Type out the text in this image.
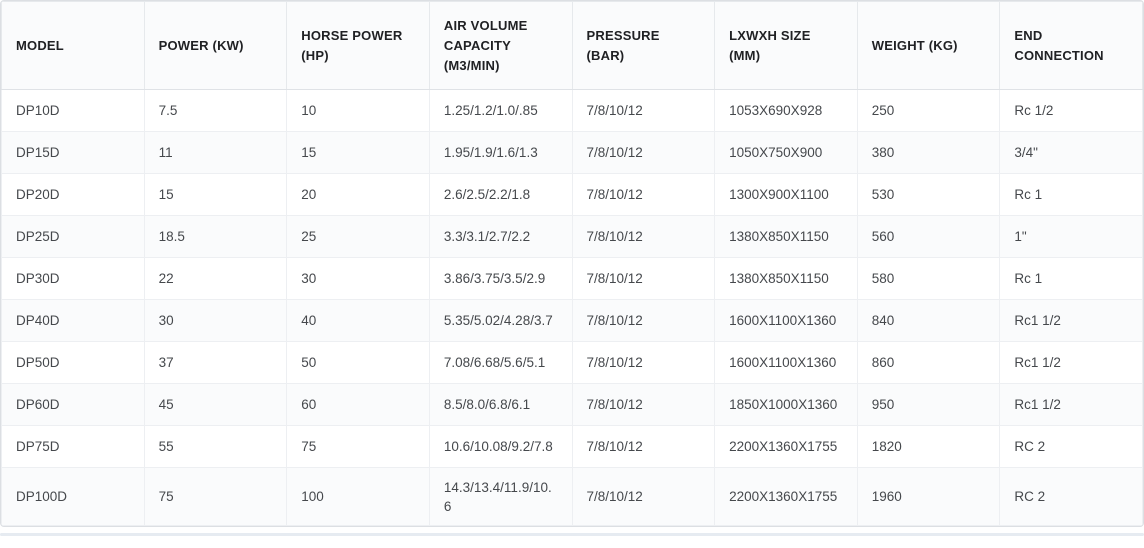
MODEL	POWER (KW)	HORSE POWER (HP)	AIR VOLUME CAPACITY (M3/MIN)	PRESSURE (BAR)	LXWXH SIZE (MM)	WEIGHT (KG)	END CONNECTION
DP10D	7.5	10	1.25/1.2/1.0/.85	7/8/10/12	1053X690X928	250	Rc 1/2
DP15D	11	15	1.95/1.9/1.6/1.3	7/8/10/12	1050X750X900	380	3/4"
DP20D	15	20	2.6/2.5/2.2/1.8	7/8/10/12	1300X900X1100	530	Rc 1
DP25D	18.5	25	3.3/3.1/2.7/2.2	7/8/10/12	1380X850X1150	560	1"
DP30D	22	30	3.86/3.75/3.5/2.9	7/8/10/12	1380X850X1150	580	Rc 1
DP40D	30	40	5.35/5.02/4.28/3.7	7/8/10/12	1600X1100X1360	840	Rc1 1/2
DP50D	37	50	7.08/6.68/5.6/5.1	7/8/10/12	1600X1100X1360	860	Rc1 1/2
DP60D	45	60	8.5/8.0/6.8/6.1	7/8/10/12	1850X1000X1360	950	Rc1 1/2
DP75D	55	75	10.6/10.08/9.2/7.8	7/8/10/12	2200X1360X1755	1820	RC 2
DP100D	75	100	14.3/13.4/11.9/10.6	7/8/10/12	2200X1360X1755	1960	RC 2
